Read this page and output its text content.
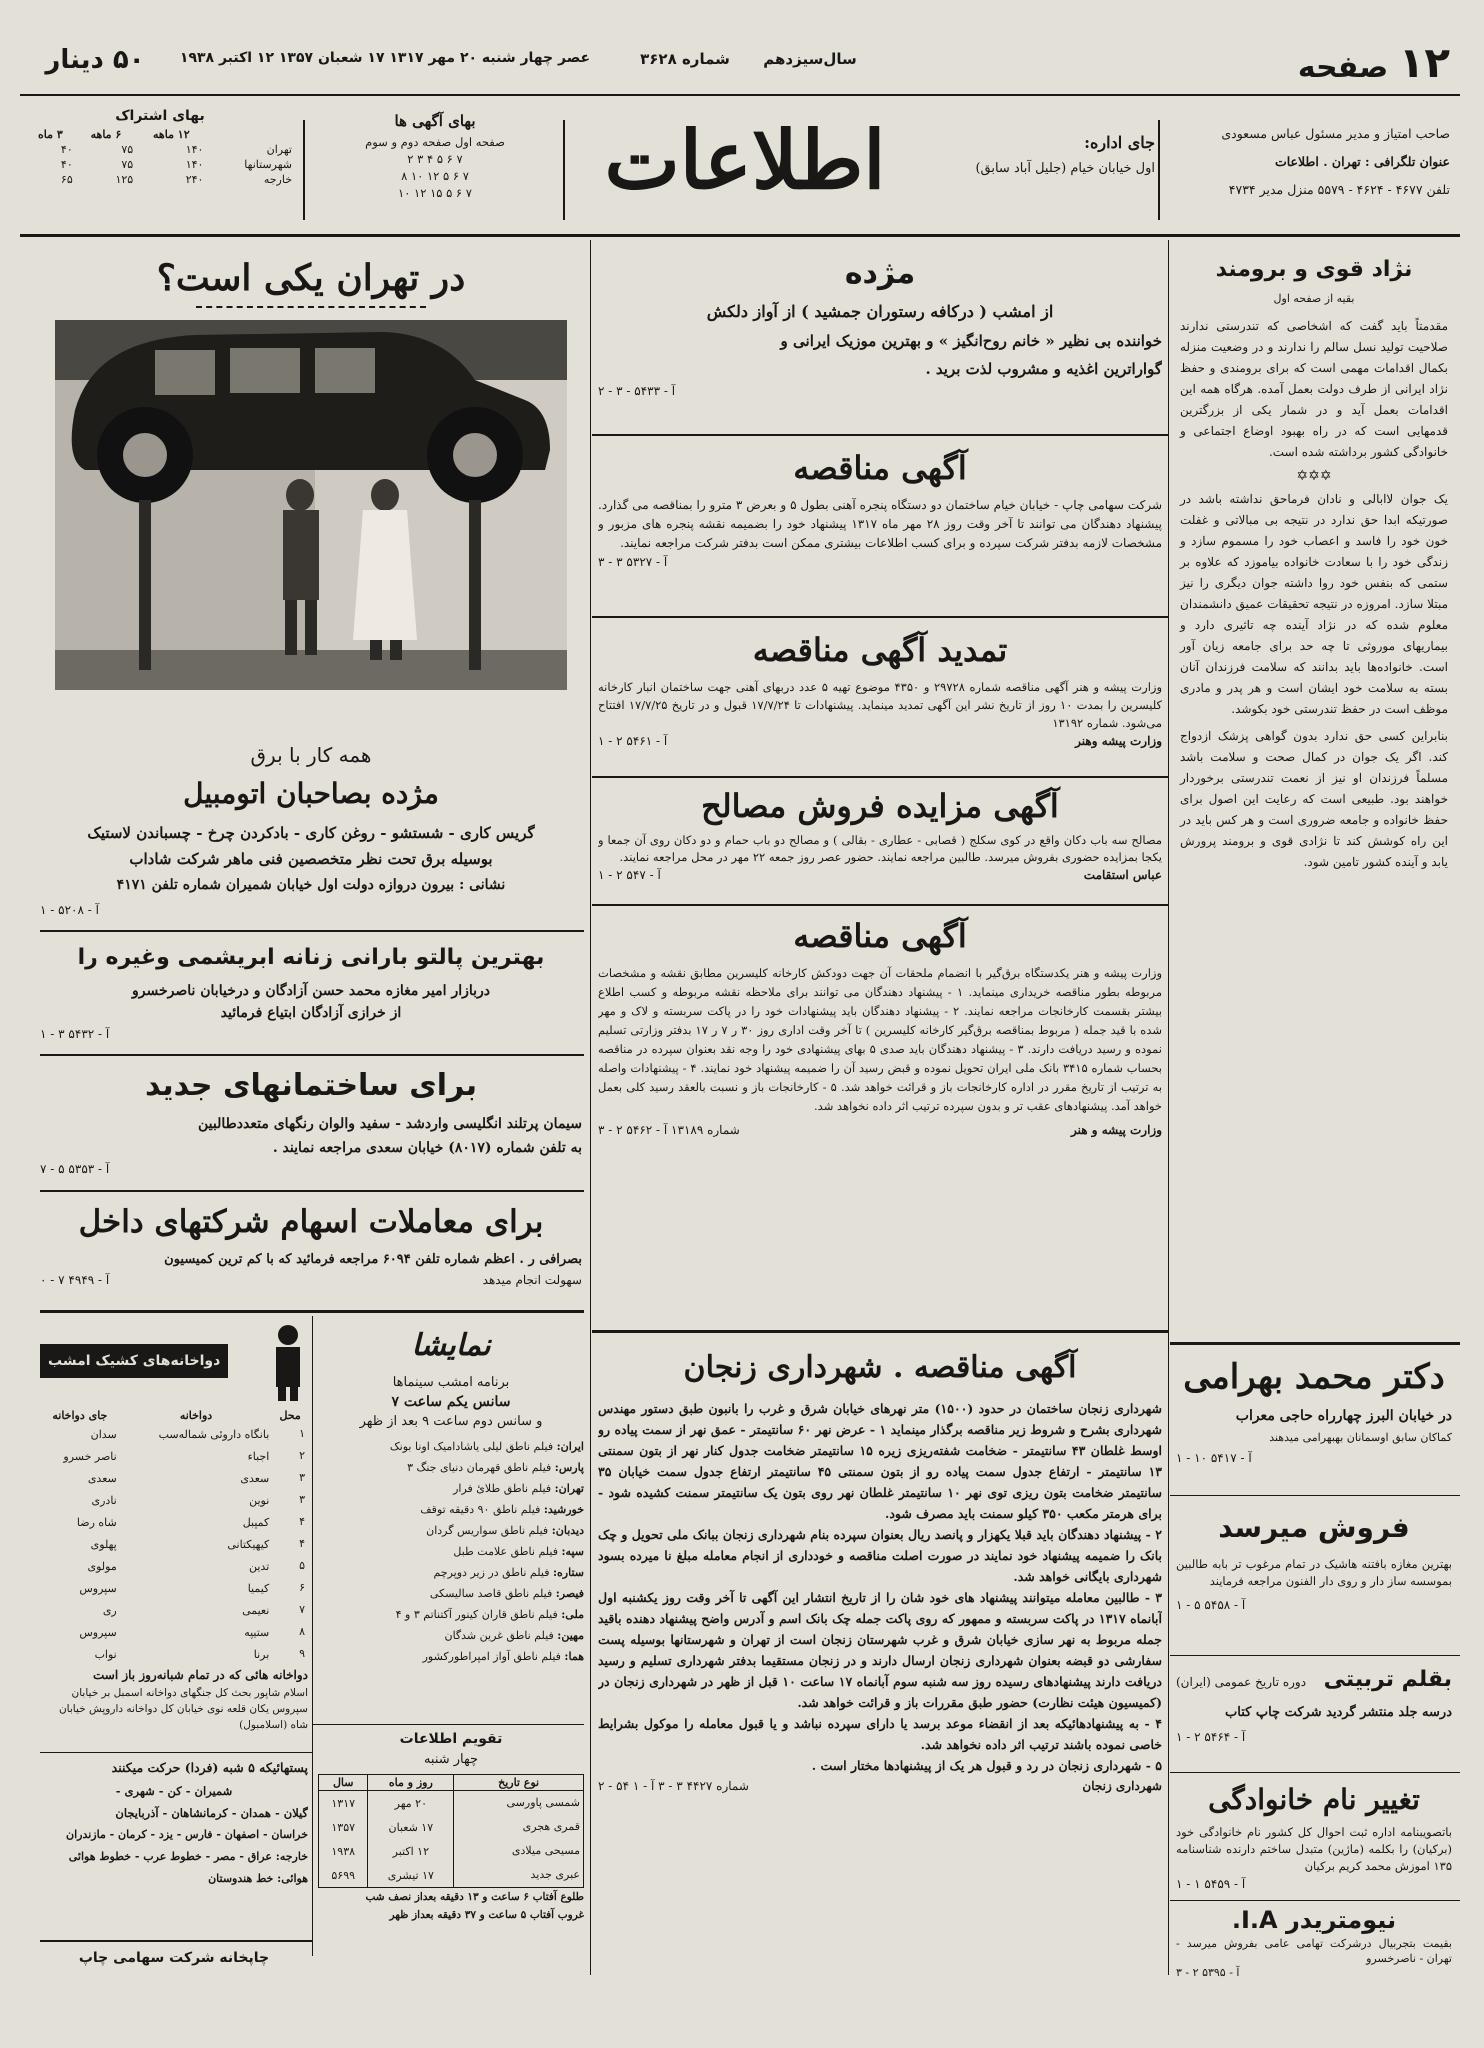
۱۲ صفحه
سال‌سیزدهم
شماره ۳۶۲۸
عصر چهار شنبه ۲۰ مهر ۱۳۱۷ ۱۷ شعبان ۱۳۵۷ ۱۲ اکتبر ۱۹۳۸
۵۰ دینار
صاحب امتیاز و مدیر مسئول عباس مسعودی
عنوان تلگرافی : تهران . اطلاعات
تلفن ۴۶۷۷ - ۴۶۲۴ - ۵۵۷۹ منزل مدیر ۴۷۳۴
جای اداره:
اول خیابان خیام (جلیل آباد سابق)
اطلاعات
بهای آگهی ها
صفحه اول صفحه دوم و سوم
۷ ۶ ۵ ۴ ۳ ۲
۷ ۶ ۵ ۱۲ ۱۰ ۸
۷ ۶ ۵ ۱۵ ۱۲ ۱۰
بهای اشتراک
	۱۲ ماهه	۶ ماهه	۳ ماه
تهران	۱۴۰	۷۵	۴۰
شهرستانها	۱۴۰	۷۵	۴۰
خارجه	۲۴۰	۱۲۵	۶۵
نژاد قوی و برومند
بقیه از صفحه اول
مقدمتاً باید گفت که اشخاصی که تندرستی ندارند صلاحیت تولید نسل سالم را ندارند و در وضعیت منزله بکمال اقدامات مهمی است که برای برومندی و حفظ نژاد ایرانی از طرف دولت بعمل آمده. هرگاه همه این اقدامات بعمل آید و در شمار یکی از بزرگترین قدمهایی است که در راه بهبود اوضاع اجتماعی و خانوادگی کشور برداشته شده است.
✡✡✡
یک جوان لاابالی و نادان فرماحق نداشته باشد در صورتیکه ابدا حق ندارد در نتیجه بی مبالاتی و غفلت خون خود را فاسد و اعصاب خود را مسموم سازد و زندگی خود را با سعادت خانواده بیاموزد که علاوه بر ستمی که بنفس خود روا داشته جوان دیگری را نیز مبتلا سازد. امروزه در نتیجه تحقیقات عمیق دانشمندان معلوم شده که در نژاد آینده چه تاثیری دارد و بیماریهای موروثی تا چه حد برای جامعه زیان آور است. خانواده‌ها باید بدانند که سلامت فرزندان آنان بسته به سلامت خود ایشان است و هر پدر و مادری موظف است در حفظ تندرستی خود بکوشد.
بنابراین کسی حق ندارد بدون گواهی پزشک ازدواج کند. اگر یک جوان در کمال صحت و سلامت باشد مسلماً فرزندان او نیز از نعمت تندرستی برخوردار خواهند بود. طبیعی است که رعایت این اصول برای حفظ خانواده و جامعه ضروری است و هر کس باید در این راه کوشش کند تا نژادی قوی و برومند پرورش یابد و آینده کشور تامین شود.
دکتر محمد بهرامی
در خیابان البرز چهارراه حاجی معراب
کماکان سابق اوسمانان بهبهرامی میدهند
آ - ۵۴۱۷ ۱۰ - ۱
فروش میرسد
بهترین مغازه بافتنه هاشیک در تمام مرغوب تر بابه طالبین بموسسه ساز دار و روی دار الفنون مراجعه فرمایند
آ - ۵۴۵۸ ۵ - ۱
بقلم تربیتی
دوره تاریخ عمومی (ایران)
درسه جلد منتشر گردید شرکت چاپ کتاب
آ - ۵۴۶۴ ۲ - ۱
تغییر نام خانوادگی
باتصویبنامه اداره ثبت احوال کل کشور نام خانوادگی خود (برکیان) را بکلمه (ماژین) متبدل ساختم دارنده شناسنامه ۱۳۵ اموزش محمد کریم برکیان
آ - ۵۴۵۹ ۱ - ۱
نیومتریدر I.A.
بقیمت بتجربیال درشرکت تهامی عامی بفروش میرسد - تهران - ناصرخسرو
آ - ۵۳۹۵ ۲ - ۳
مژده
از امشب ( درکافه رستوران جمشید ) از آواز دلکش
خواننده بی نظیر « خانم روح‌انگیز » و بهترین موزیک ایرانی و
گواراترین اغذیه و مشروب لذت برید .
آ - ۵۴۳۳ - ۳ - ۲
آگهی مناقصه
شرکت سهامی چاپ - خیابان خیام ساختمان دو دستگاه پنجره آهنی بطول ۵ و بعرض ۳ مترو را بمناقصه می گذارد. پیشنهاد دهندگان می توانند تا آخر وقت روز ۲۸ مهر ماه ۱۳۱۷ پیشنهاد خود را بضمیمه نقشه پنجره های مزبور و مشخصات لازمه بدفتر شرکت سپرده و برای کسب اطلاعات بیشتری ممکن است بدفتر شرکت مراجعه نمایند.
آ - ۵۳۲۷ ۳ - ۳
تمدید آگهی مناقصه
وزارت پیشه و هنر آگهی مناقصه شماره ۲۹۷۲۸ و ۴۳۵۰ موضوع تهیه ۵ عدد دربهای آهنی جهت ساختمان انبار کارخانه کلیسرین را بمدت ۱۰ روز از تاریخ نشر این آگهی تمدید مینماید. پیشنهادات تا ۱۷/۷/۲۴ قبول و در تاریخ ۱۷/۷/۲۵ افتتاح می‌شود. شماره ۱۳۱۹۲
وزارت پیشه وهنر
آ - ۵۴۶۱ ۲ - ۱
آگهی مزایده فروش مصالح
مصالح سه باب دکان واقع در کوی سکلج ( قصابی - عطاری - بقالی ) و مصالح دو باب حمام و دو دکان روی آن جمعا و یکجا بمزایده حضوری بفروش میرسد. طالبین مراجعه نمایند. حضور عصر روز جمعه ۲۲ مهر در محل مراجعه نمایند.
عباس استقامت
آ - ۵۴۷ ۲ - ۱
آگهی مناقصه
وزارت پیشه و هنر یکدستگاه برق‌گیر با انضمام ملحقات آن جهت دودکش کارخانه کلیسرین مطابق نقشه و مشخصات مربوطه بطور مناقصه خریداری مینماید. ۱ - پیشنهاد دهندگان می توانند برای ملاحظه نقشه مربوطه و کسب اطلاع بیشتر بقسمت کارخانجات مراجعه نمایند. ۲ - پیشنهاد دهندگان باید پیشنهادات خود را در پاکت سربسته و لاک و مهر شده با قید جمله ( مربوط بمناقصه برق‌گیر کارخانه کلیسرین ) تا آخر وقت اداری روز ۳۰ ر ۷ ر ۱۷ بدفتر وزارتی تسلیم نموده و رسید دریافت دارند. ۳ - پیشنهاد دهندگان باید صدی ۵ بهای پیشنهادی خود را وجه نقد بعنوان سپرده در مناقصه بحساب شماره ۳۴۱۵ بانک ملی ایران تحویل نموده و قبض رسید آن را ضمیمه پیشنهاد خود نمایند. ۴ - پیشنهادات واصله به ترتیب از تاریخ مقرر در اداره کارخانجات باز و قرائت خواهد شد. ۵ - کارخانجات باز و نسبت بالعقد رسید کلی بعمل خواهد آمد. پیشنهادهای عقب تر و بدون سپرده ترتیب اثر داده نخواهد شد.
وزارت پیشه و هنر
شماره ۱۳۱۸۹ آ - ۵۴۶۲ ۲ - ۳
آگهی مناقصه . شهرداری زنجان
شهرداری زنجان ساختمان در حدود (۱۵۰۰) متر نهرهای خیابان شرق و غرب را بانبون طبق دستور مهندس شهرداری بشرح و شروط زیر مناقصه برگذار مینماید ۱ - عرض نهر ۶۰ سانتیمتر - عمق نهر از سمت پیاده رو اوسط غلطان ۴۳ سانتیمتر - ضخامت شفته‌ریزی زیره ۱۵ سانتیمتر ضخامت جدول کنار نهر از بتون سمنتی ۱۳ سانتیمتر - ارتفاع جدول سمت پیاده رو از بتون سمنتی ۴۵ سانتیمتر ارتفاع جدول سمت خیابان ۳۵ سانتیمتر ضخامت بتون ریزی توی نهر ۱۰ سانتیمتر غلطان نهر روی بتون یک سانتیمتر سمنت کشیده شود - برای هرمتر مکعب ۳۵۰ کیلو سمنت باید مصرف شود.
۲ - پیشنهاد دهندگان باید قبلا یکهزار و پانصد ریال بعنوان سپرده بنام شهرداری زنجان ببانک ملی تحویل و چک بانک را ضمیمه پیشنهاد خود نمایند در صورت اصلت مناقصه و خودداری از انجام معامله مبلغ نا میرده بسود شهرداری بایگانی خواهد شد.
۳ - طالبین معامله میتوانند پیشنهاد های خود شان را از تاریخ انتشار این آگهی تا آخر وقت روز یکشنبه اول آبانماه ۱۳۱۷ در پاکت سربسته و ممهور که روی پاکت جمله چک بانک‌ اسم و آدرس واضح پیشنهاد دهنده باقید جمله مربوط به نهر سازی خیابان شرق و غرب شهرستان زنجان است از تهران و شهرستانها بوسیله پست سفارشی دو قبضه بعنوان شهرداری زنجان ارسال دارند و در زنجان مستقیما بدفتر شهرداری تسلیم و رسید دریافت دارند پیشنهادهای رسیده روز سه شنبه سوم آبانماه ۱۷ ساعت ۱۰ قبل از ظهر در شهرداری زنجان در (کمیسیون هیئت نظارت) حضور طبق مقررات باز و قرائت خواهد شد.
۴ - به پیشنهادهائیکه بعد از انقضاء موعد برسد یا دارای سپرده نباشد و یا قبول معامله را موکول بشرایط خاصی نموده باشند ترتیب اثر داده نخواهد شد.
۵ - شهرداری زنجان در رد و قبول هر یک از پیشنهادها مختار است .
شهرداری زنجان
شماره ۴۴۲۷ ۳ - ۳ آ - ۱ ۵۴ - ۲
در تهران یکی است؟
همه کار با برق
مژده بصاحبان اتومبیل
گریس کاری - شستشو - روغن کاری - بادکردن چرخ - چسباندن لاستیک
بوسیله برق تحت نظر متخصصین فنی ماهر شرکت شاداب
نشانی : بیرون دروازه دولت اول خیابان شمیران شماره تلفن ۴۱۷۱
آ - ۵۲۰۸ - ۱
بهترین پالتو بارانی زنانه ابریشمی وغیره را
دربازار امیر مغازه محمد حسن آزادگان و درخیابان ناصرخسرو
از خرازی آزادگان ابتیاع فرمائید
آ - ۵۴۳۲ ۳ - ۱
برای ساختمانهای جدید
سیمان پرتلند انگلیسی واردشد - سفید والوان رنگهای متعددطالبین
به تلفن شماره (۸۰۱۷) خیابان سعدی مراجعه نمایند .
آ - ۵۳۵۳ ۵ - ۷
برای معاملات اسهام شرکتهای داخل
بصرافی ر . اعظم شماره تلفن ۶۰۹۴ مراجعه فرمائید که با کم ترین کمیسیون
سهولت انجام میدهد
آ - ۴۹۴۹ ۷ - ۰
نمایشا
برنامه امشب سینماها
سانس یکم ساعت ۷
و سانس دوم ساعت ۹ بعد از ظهر
ایران: فیلم ناطق لیلی یاشادامیک اونا بونک
پارس: فیلم ناطق قهرمان دنیای جنگ ۳
تهران: فیلم ناطق طلائ فرار
خورشید: فیلم ناطق ۹۰ دقیقه توقف
دیدبان: فیلم ناطق سواریس گردان
سپه: فیلم ناطق علامت طبل
ستاره: فیلم ناطق در زیر دوپرچم
فیصر: فیلم ناطق قاصد سالیسکی
ملی: فیلم ناطق قاران کینور آکتناتم ۳ و ۴
مهین: فیلم ناطق غرین شدگان
هما: فیلم ناطق آواز امپراطورکشور
تقویم اطلاعات
چهار شنبه
نوع تاریخ	روز و ماه	سال
شمسی پاورسی	۲۰ مهر	۱۳۱۷
قمری هجری	۱۷ شعبان	۱۳۵۷
مسیحی میلادی	۱۲ اکتبر	۱۹۳۸
عبری جدید	۱۷ تیشری	۵۶۹۹
طلوع آفتاب ۶ ساعت و ۱۳ دقیقه بعداز نصف شب
غروب آفتاب ۵ ساعت و ۳۷ دقیقه بعداز ظهر
دواخانه‌های کشیک امشب
محل	دواخانه	جای دواخانه
۱	بانگاه داروئی شماله‌سب	سدان
۲	اجباء	ناصر خسرو
۳	سعدی	سعدی
۳	نوین	نادری
۴	کمپبل	شاه رضا
۴	کیهیکتانی	پهلوی
۵	تدین	مولوی
۶	کیمیا	سپروس
۷	نعیمی	ری
۸	ستیپه	سپروس
۹	برنا	نواب
دواخانه هائی که در تمام شبانه‌روز باز است
اسلام شاپور بحث کل جنگهای دواخانه اسمبل بر خیابان سپروس یکان قلعه نوی خیابان کل دواخانه داروپش خیابان شاه (اسلامبول)
پستهائیکه ۵ شبه (فردا) حرکت میکنند
شمیران - کن - شهری -
گیلان - همدان - کرمانشاهان - آذربایجان
خراسان - اصفهان - فارس - یزد - کرمان - مازندران
خارجه: عراق - مصر - خطوط عرب - خطوط هوائی
هوائی: خط هندوستان
چاپخانه شرکت سهامی چاپ
